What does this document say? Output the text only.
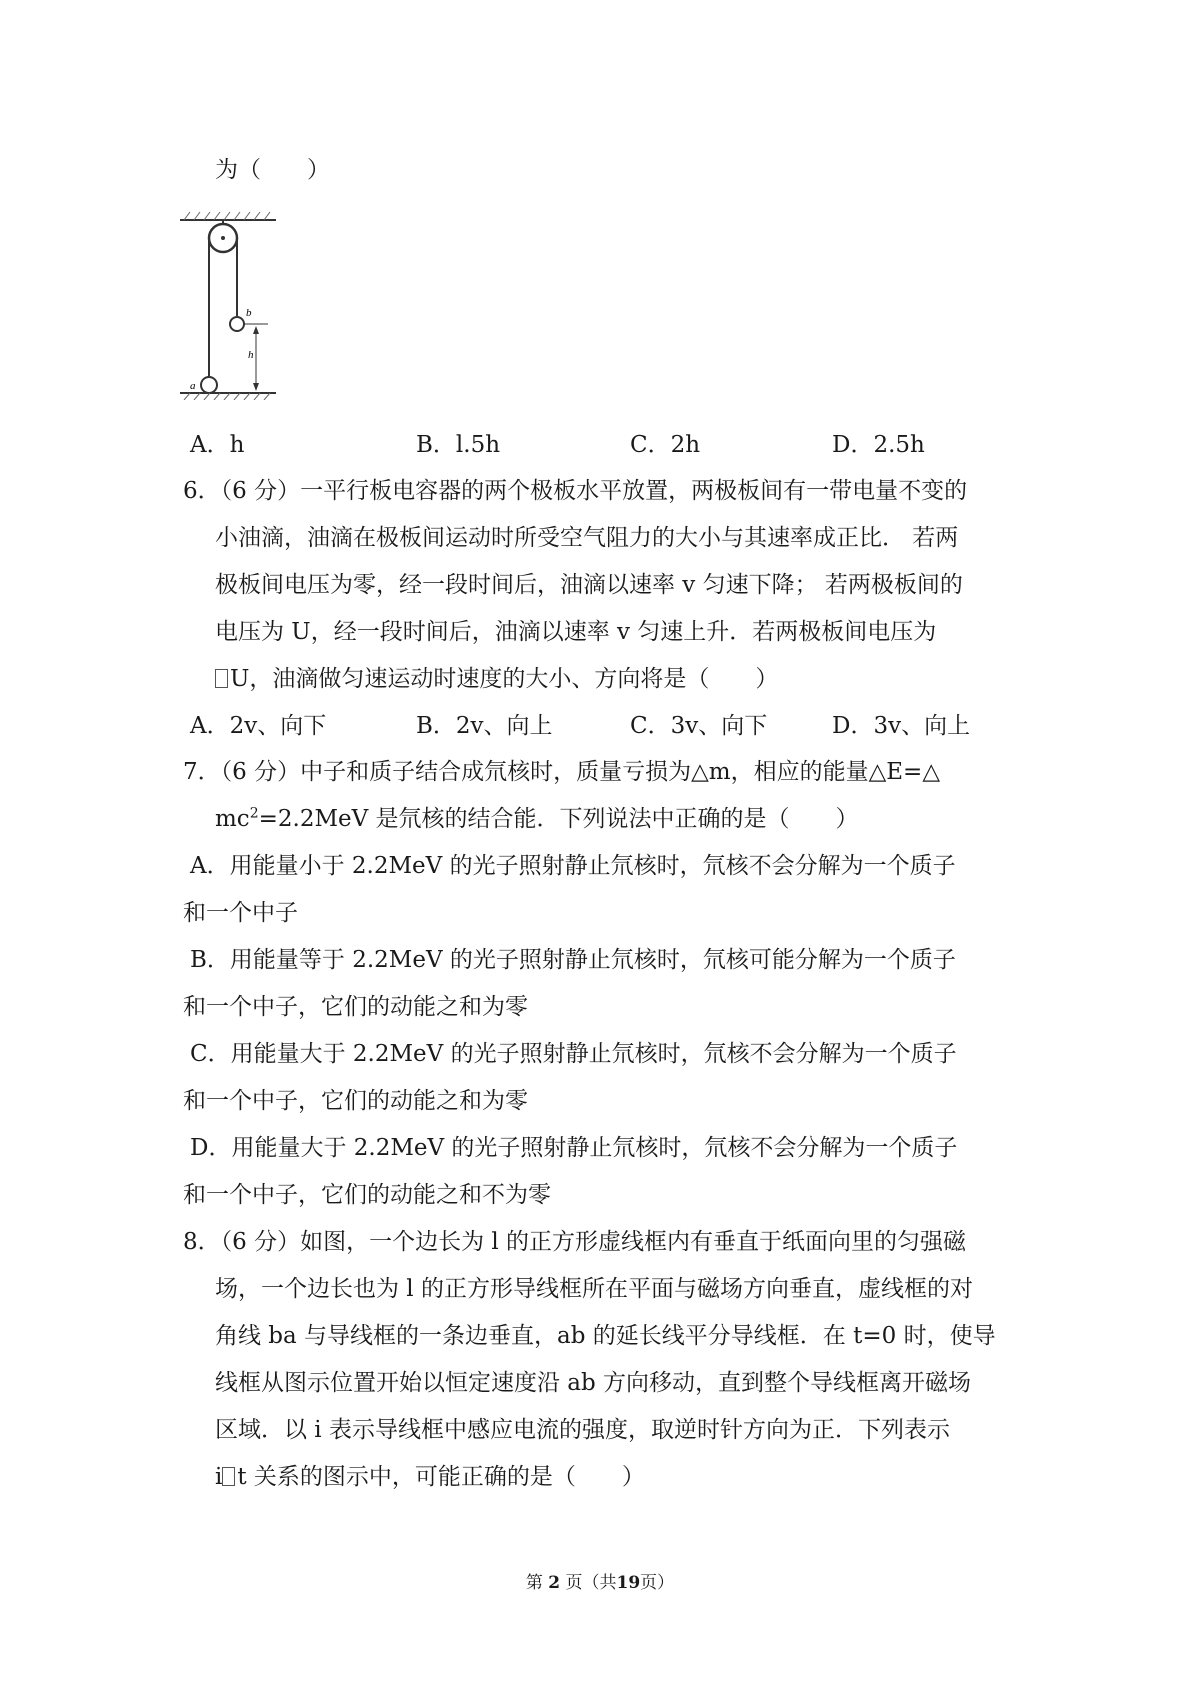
为（　　）
b
h
a
A．h	B．l.5h	C．2h	D．2.5h
6．（6 分）一平行板电容器的两个极板水平放置，两极板间有一带电量不变的
小油滴，油滴在极板间运动时所受空气阻力的大小与其速率成正比． 若两
极板间电压为零，经一段时间后，油滴以速率 v 匀速下降； 若两极板间的
电压为 U，经一段时间后，油滴以速率 v 匀速上升．若两极板间电压为
U，油滴做匀速运动时速度的大小、方向将是（　　）
A．2v、向下	B．2v、向上	C．3v、向下	D．3v、向上
7．（6 分）中子和质子结合成氘核时，质量亏损为△m，相应的能量△E=△
$mc^2=2.2MeV$ 是氘核的结合能．下列说法中正确的是（　　）
A．用能量小于 2.2MeV 的光子照射静止氘核时，氘核不会分解为一个质子
和一个中子
B．用能量等于 2.2MeV 的光子照射静止氘核时，氘核可能分解为一个质子
和一个中子，它们的动能之和为零
C．用能量大于 2.2MeV 的光子照射静止氘核时，氘核不会分解为一个质子
和一个中子，它们的动能之和为零
D．用能量大于 2.2MeV 的光子照射静止氘核时，氘核不会分解为一个质子
和一个中子，它们的动能之和不为零
8．（6 分）如图，一个边长为 l 的正方形虚线框内有垂直于纸面向里的匀强磁
场，一个边长也为 l 的正方形导线框所在平面与磁场方向垂直，虚线框的对
角线 ba 与导线框的一条边垂直，ab 的延长线平分导线框．在 t=0 时，使导
线框从图示位置开始以恒定速度沿 ab 方向移动，直到整个导线框离开磁场
区域．以 i 表示导线框中感应电流的强度，取逆时针方向为正．下列表示
i t 关系的图示中，可能正确的是（　　）
第 2 页（共19页）
